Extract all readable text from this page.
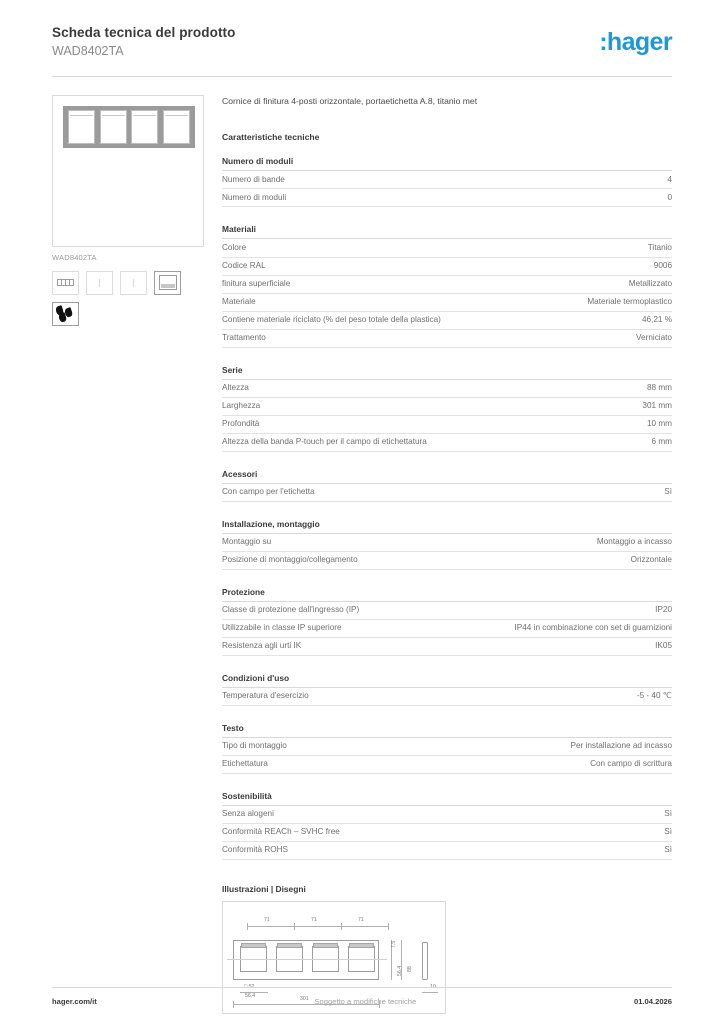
Scheda tecnica del prodotto
WAD8402TA	:hager
WAD8402TA
Cornice di finitura 4-posti orizzontale, portaetichetta A.8, titanio met
Caratteristiche tecniche
Numero di moduli
Numero di bande	4
Numero di moduli	0
Materiali
Colore	Titanio
Codice RAL	9006
finitura superficiale	Metallizzato
Materiale	Materiale termoplastico
Contiene materiale riciclato (% del peso totale della plastica)	46,21 %
Trattamento	Verniciato
Serie
Altezza	88 mm
Larghezza	301 mm
Profondità	10 mm
Altezza della banda P-touch per il campo di etichettatura	6 mm
Acessori
Con campo per l'etichetta	Sì
Installazione, montaggio
Montaggio su	Montaggio a incasso
Posizione di montaggio/collegamento	Orizzontale
Protezione
Classe di protezione dall'ingresso (IP)	IP20
Utilizzabile in classe IP superiore	IP44 in combinazione con set di guarnizioni
Resistenza agli urti IK	IK05
Condizioni d'uso
Temperatura d'esercizio	-5 - 40 ℃
Testo
Tipo di montaggio	Per installazione ad incasso
Etichettatura	Con campo di scrittura
Sostenibilità
Senza alogeni	Sì
Conformità REACh – SVHC free	Sì
Conformità ROHS	Sì
Illustrazioni | Disegni
71	71	71
7,5
56,4 88
10
□ 52
56,4	301
hager.com/it	Soggetto a modifiche tecniche	01.04.2026
